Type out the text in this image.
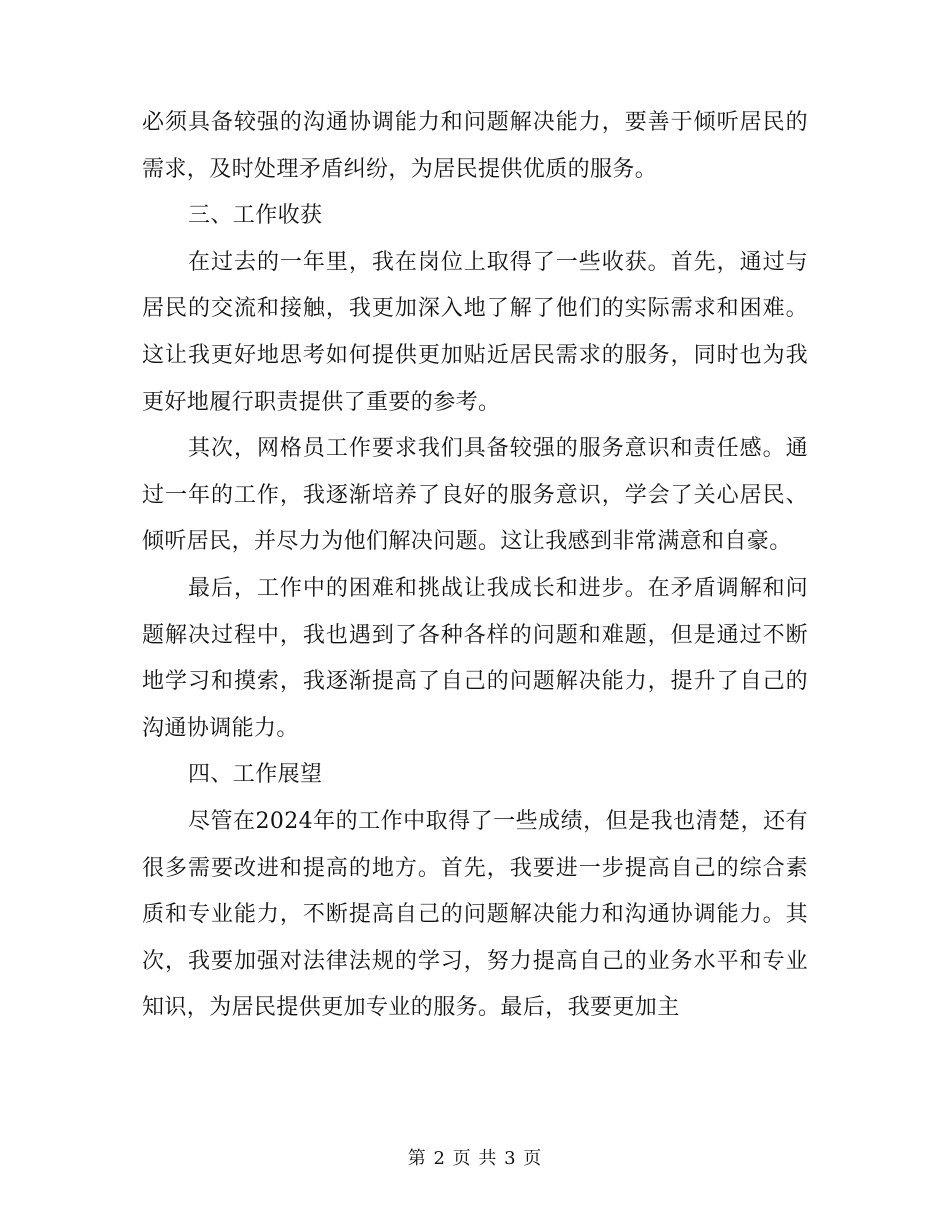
必须具备较强的沟通协调能力和问题解决能力，要善于倾听居民的需求，及时处理矛盾纠纷，为居民提供优质的服务。

三、工作收获

在过去的一年里，我在岗位上取得了一些收获。首先，通过与居民的交流和接触，我更加深入地了解了他们的实际需求和困难。这让我更好地思考如何提供更加贴近居民需求的服务，同时也为我更好地履行职责提供了重要的参考。

其次，网格员工作要求我们具备较强的服务意识和责任感。通过一年的工作，我逐渐培养了良好的服务意识，学会了关心居民、倾听居民，并尽力为他们解决问题。这让我感到非常满意和自豪。

最后，工作中的困难和挑战让我成长和进步。在矛盾调解和问题解决过程中，我也遇到了各种各样的问题和难题，但是通过不断地学习和摸索，我逐渐提高了自己的问题解决能力，提升了自己的沟通协调能力。

四、工作展望

尽管在2024年的工作中取得了一些成绩，但是我也清楚，还有很多需要改进和提高的地方。首先，我要进一步提高自己的综合素质和专业能力，不断提高自己的问题解决能力和沟通协调能力。其次，我要加强对法律法规的学习，努力提高自己的业务水平和专业知识，为居民提供更加专业的服务。最后，我要更加主

第 2 页 共 3 页
